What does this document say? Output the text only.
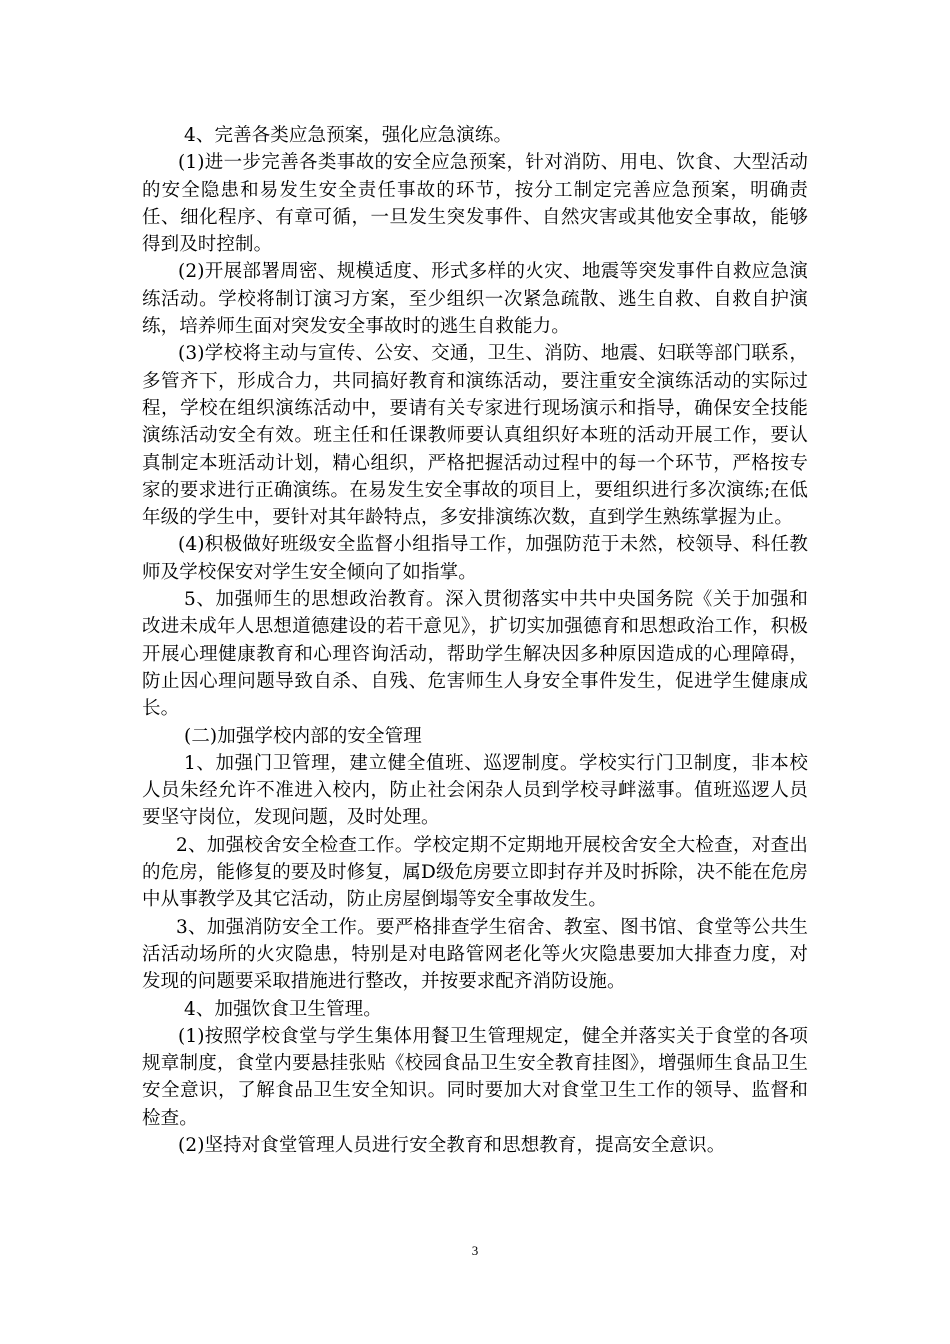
4、完善各类应急预案，强化应急演练。

(1)进一步完善各类事故的安全应急预案，针对消防、用电、饮食、大型活动的安全隐患和易发生安全责任事故的环节，按分工制定完善应急预案，明确责任、细化程序、有章可循，一旦发生突发事件、自然灾害或其他安全事故，能够得到及时控制。

(2)开展部署周密、规模适度、形式多样的火灾、地震等突发事件自救应急演练活动。学校将制订演习方案，至少组织一次紧急疏散、逃生自救、自救自护演练，培养师生面对突发安全事故时的逃生自救能力。

(3)学校将主动与宣传、公安、交通，卫生、消防、地震、妇联等部门联系，多管齐下，形成合力，共同搞好教育和演练活动，要注重安全演练活动的实际过程，学校在组织演练活动中，要请有关专家进行现场演示和指导，确保安全技能演练活动安全有效。班主任和任课教师要认真组织好本班的活动开展工作，要认真制定本班活动计划，精心组织，严格把握活动过程中的每一个环节，严格按专家的要求进行正确演练。在易发生安全事故的项目上，要组织进行多次演练;在低年级的学生中，要针对其年龄特点，多安排演练次数，直到学生熟练掌握为止。

(4)积极做好班级安全监督小组指导工作，加强防范于未然，校领导、科任教师及学校保安对学生安全倾向了如指掌。

5、加强师生的思想政治教育。深入贯彻落实中共中央国务院《关于加强和改进未成年人思想道德建设的若干意见》，扩切实加强德育和思想政治工作，积极开展心理健康教育和心理咨询活动，帮助学生解决因多种原因造成的心理障碍，防止因心理问题导致自杀、自残、危害师生人身安全事件发生，促进学生健康成长。

(二)加强学校内部的安全管理

1、加强门卫管理，建立健全值班、巡逻制度。学校实行门卫制度，非本校人员朱经允许不准进入校内，防止社会闲杂人员到学校寻衅滋事。值班巡逻人员要坚守岗位，发现问题，及时处理。

2、加强校舍安全检查工作。学校定期不定期地开展校舍安全大检查，对查出的危房，能修复的要及时修复，属D级危房要立即封存并及时拆除，决不能在危房中从事教学及其它活动，防止房屋倒塌等安全事故发生。

3、加强消防安全工作。要严格排查学生宿舍、教室、图书馆、食堂等公共生活活动场所的火灾隐患，特别是对电路管网老化等火灾隐患要加大排查力度，对发现的问题要采取措施进行整改，并按要求配齐消防设施。

4、加强饮食卫生管理。

(1)按照学校食堂与学生集体用餐卫生管理规定，健全并落实关于食堂的各项规章制度，食堂内要悬挂张贴《校园食品卫生安全教育挂图》，增强师生食品卫生安全意识，了解食品卫生安全知识。同时要加大对食堂卫生工作的领导、监督和检查。

(2)坚持对食堂管理人员进行安全教育和思想教育，提高安全意识。

3
